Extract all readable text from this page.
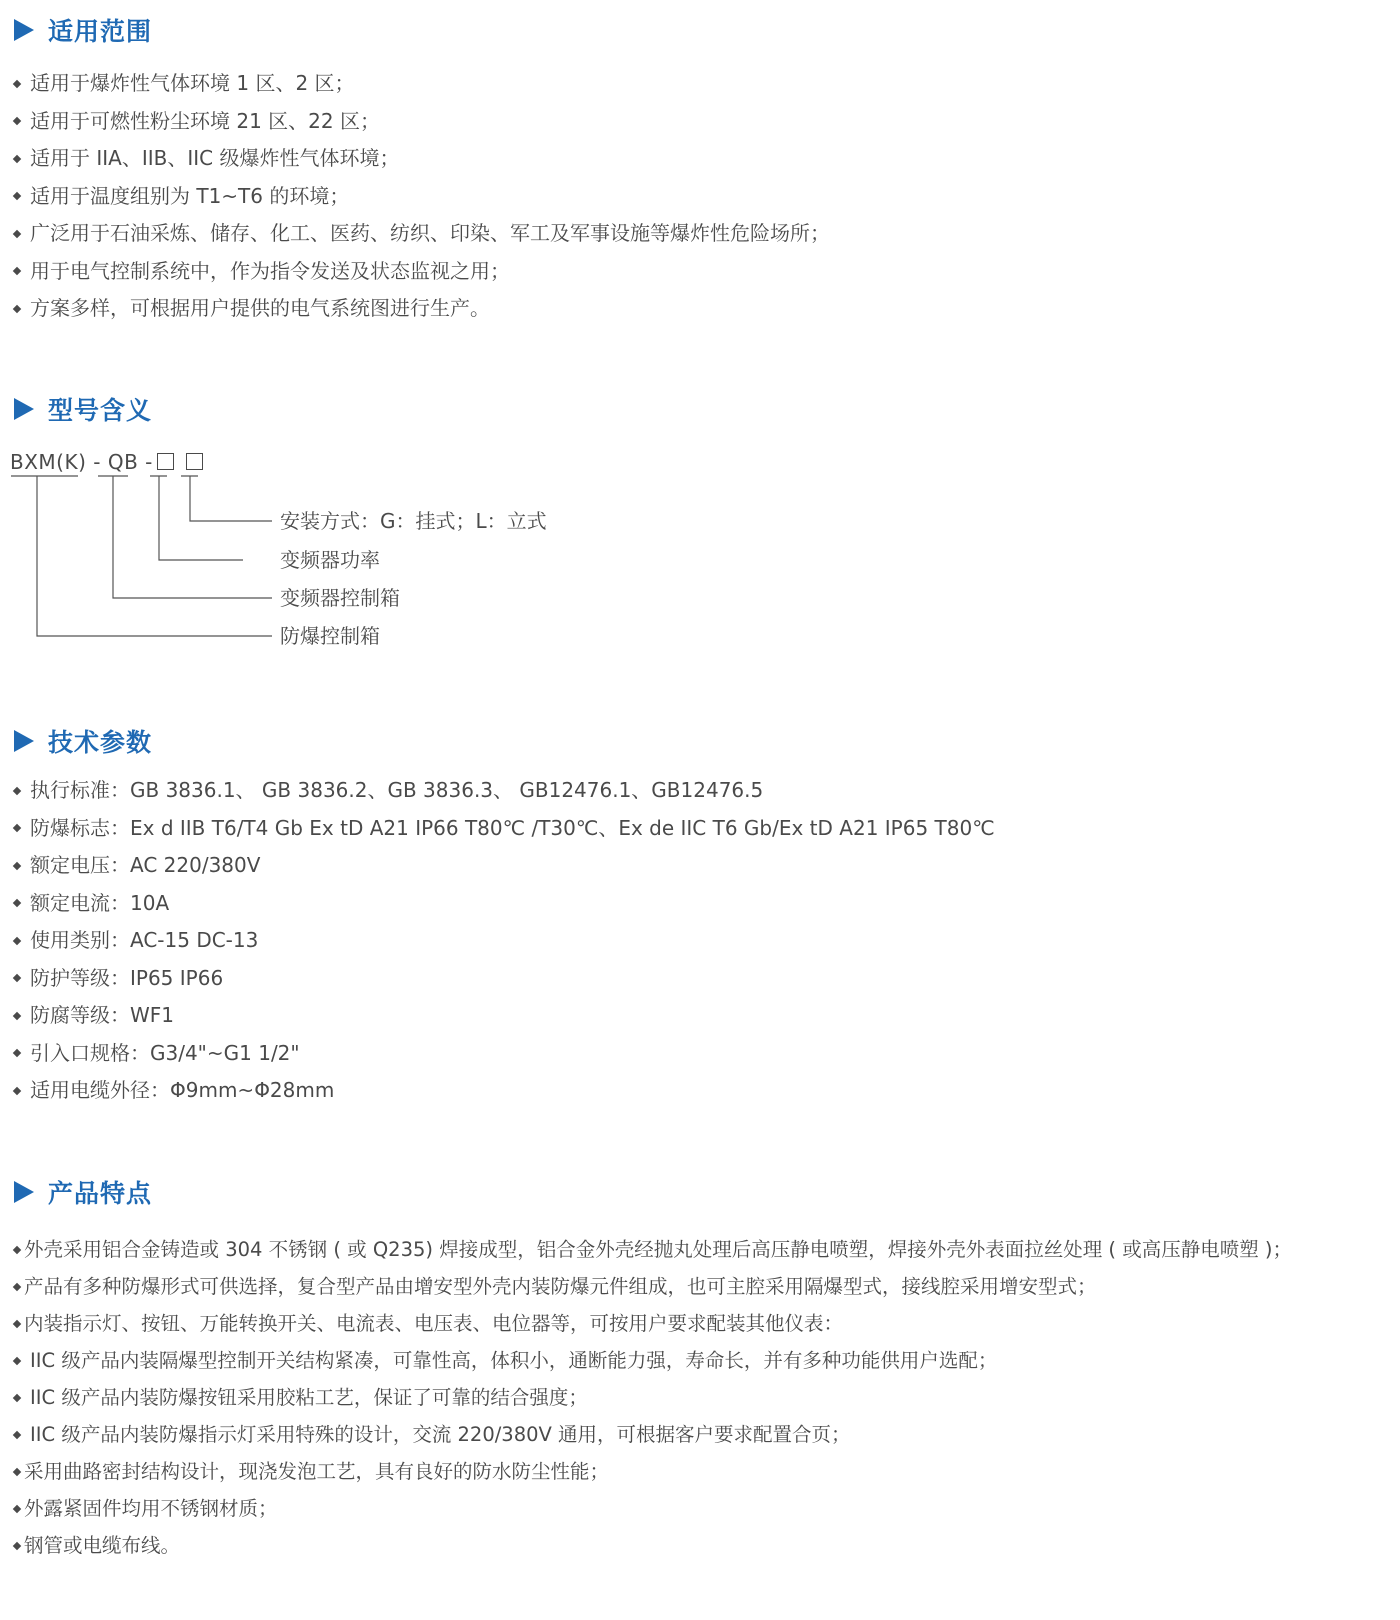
适用范围
适用于爆炸性气体环境 1 区、2 区；
适用于可燃性粉尘环境 21 区、22 区；
适用于 IIA、IIB、IIC 级爆炸性气体环境；
适用于温度组别为 T1~T6 的环境；
广泛用于石油采炼、储存、化工、医药、纺织、印染、军工及军事设施等爆炸性危险场所；
用于电气控制系统中，作为指令发送及状态监视之用；
方案多样，可根据用户提供的电气系统图进行生产。
型号含义
BXM(K) - QB -
安装方式：G：挂式；L：立式
变频器功率
变频器控制箱
防爆控制箱
技术参数
执行标准：GB 3836.1、 GB 3836.2、GB 3836.3、 GB12476.1、GB12476.5
防爆标志：Ex d IIB T6/T4 Gb Ex tD A21 IP66 T80℃ /T30℃、Ex de IIC T6 Gb/Ex tD A21 IP65 T80℃
额定电压：AC 220/380V
额定电流：10A
使用类别：AC-15 DC-13
防护等级：IP65 IP66
防腐等级：WF1
引入口规格：G3/4"~G1 1/2"
适用电缆外径：Φ9mm~Φ28mm
产品特点
外壳采用铝合金铸造或 304 不锈钢 ( 或 Q235) 焊接成型，铝合金外壳经抛丸处理后高压静电喷塑，焊接外壳外表面拉丝处理 ( 或高压静电喷塑 )；
产品有多种防爆形式可供选择，复合型产品由增安型外壳内装防爆元件组成，也可主腔采用隔爆型式，接线腔采用增安型式；
内装指示灯、按钮、万能转换开关、电流表、电压表、电位器等，可按用户要求配装其他仪表：
IIC 级产品内装隔爆型控制开关结构紧凑，可靠性高，体积小，通断能力强，寿命长，并有多种功能供用户选配；
IIC 级产品内装防爆按钮采用胶粘工艺，保证了可靠的结合强度；
IIC 级产品内装防爆指示灯采用特殊的设计，交流 220/380V 通用，可根据客户要求配置合页；
采用曲路密封结构设计，现浇发泡工艺，具有良好的防水防尘性能；
外露紧固件均用不锈钢材质；
钢管或电缆布线。
